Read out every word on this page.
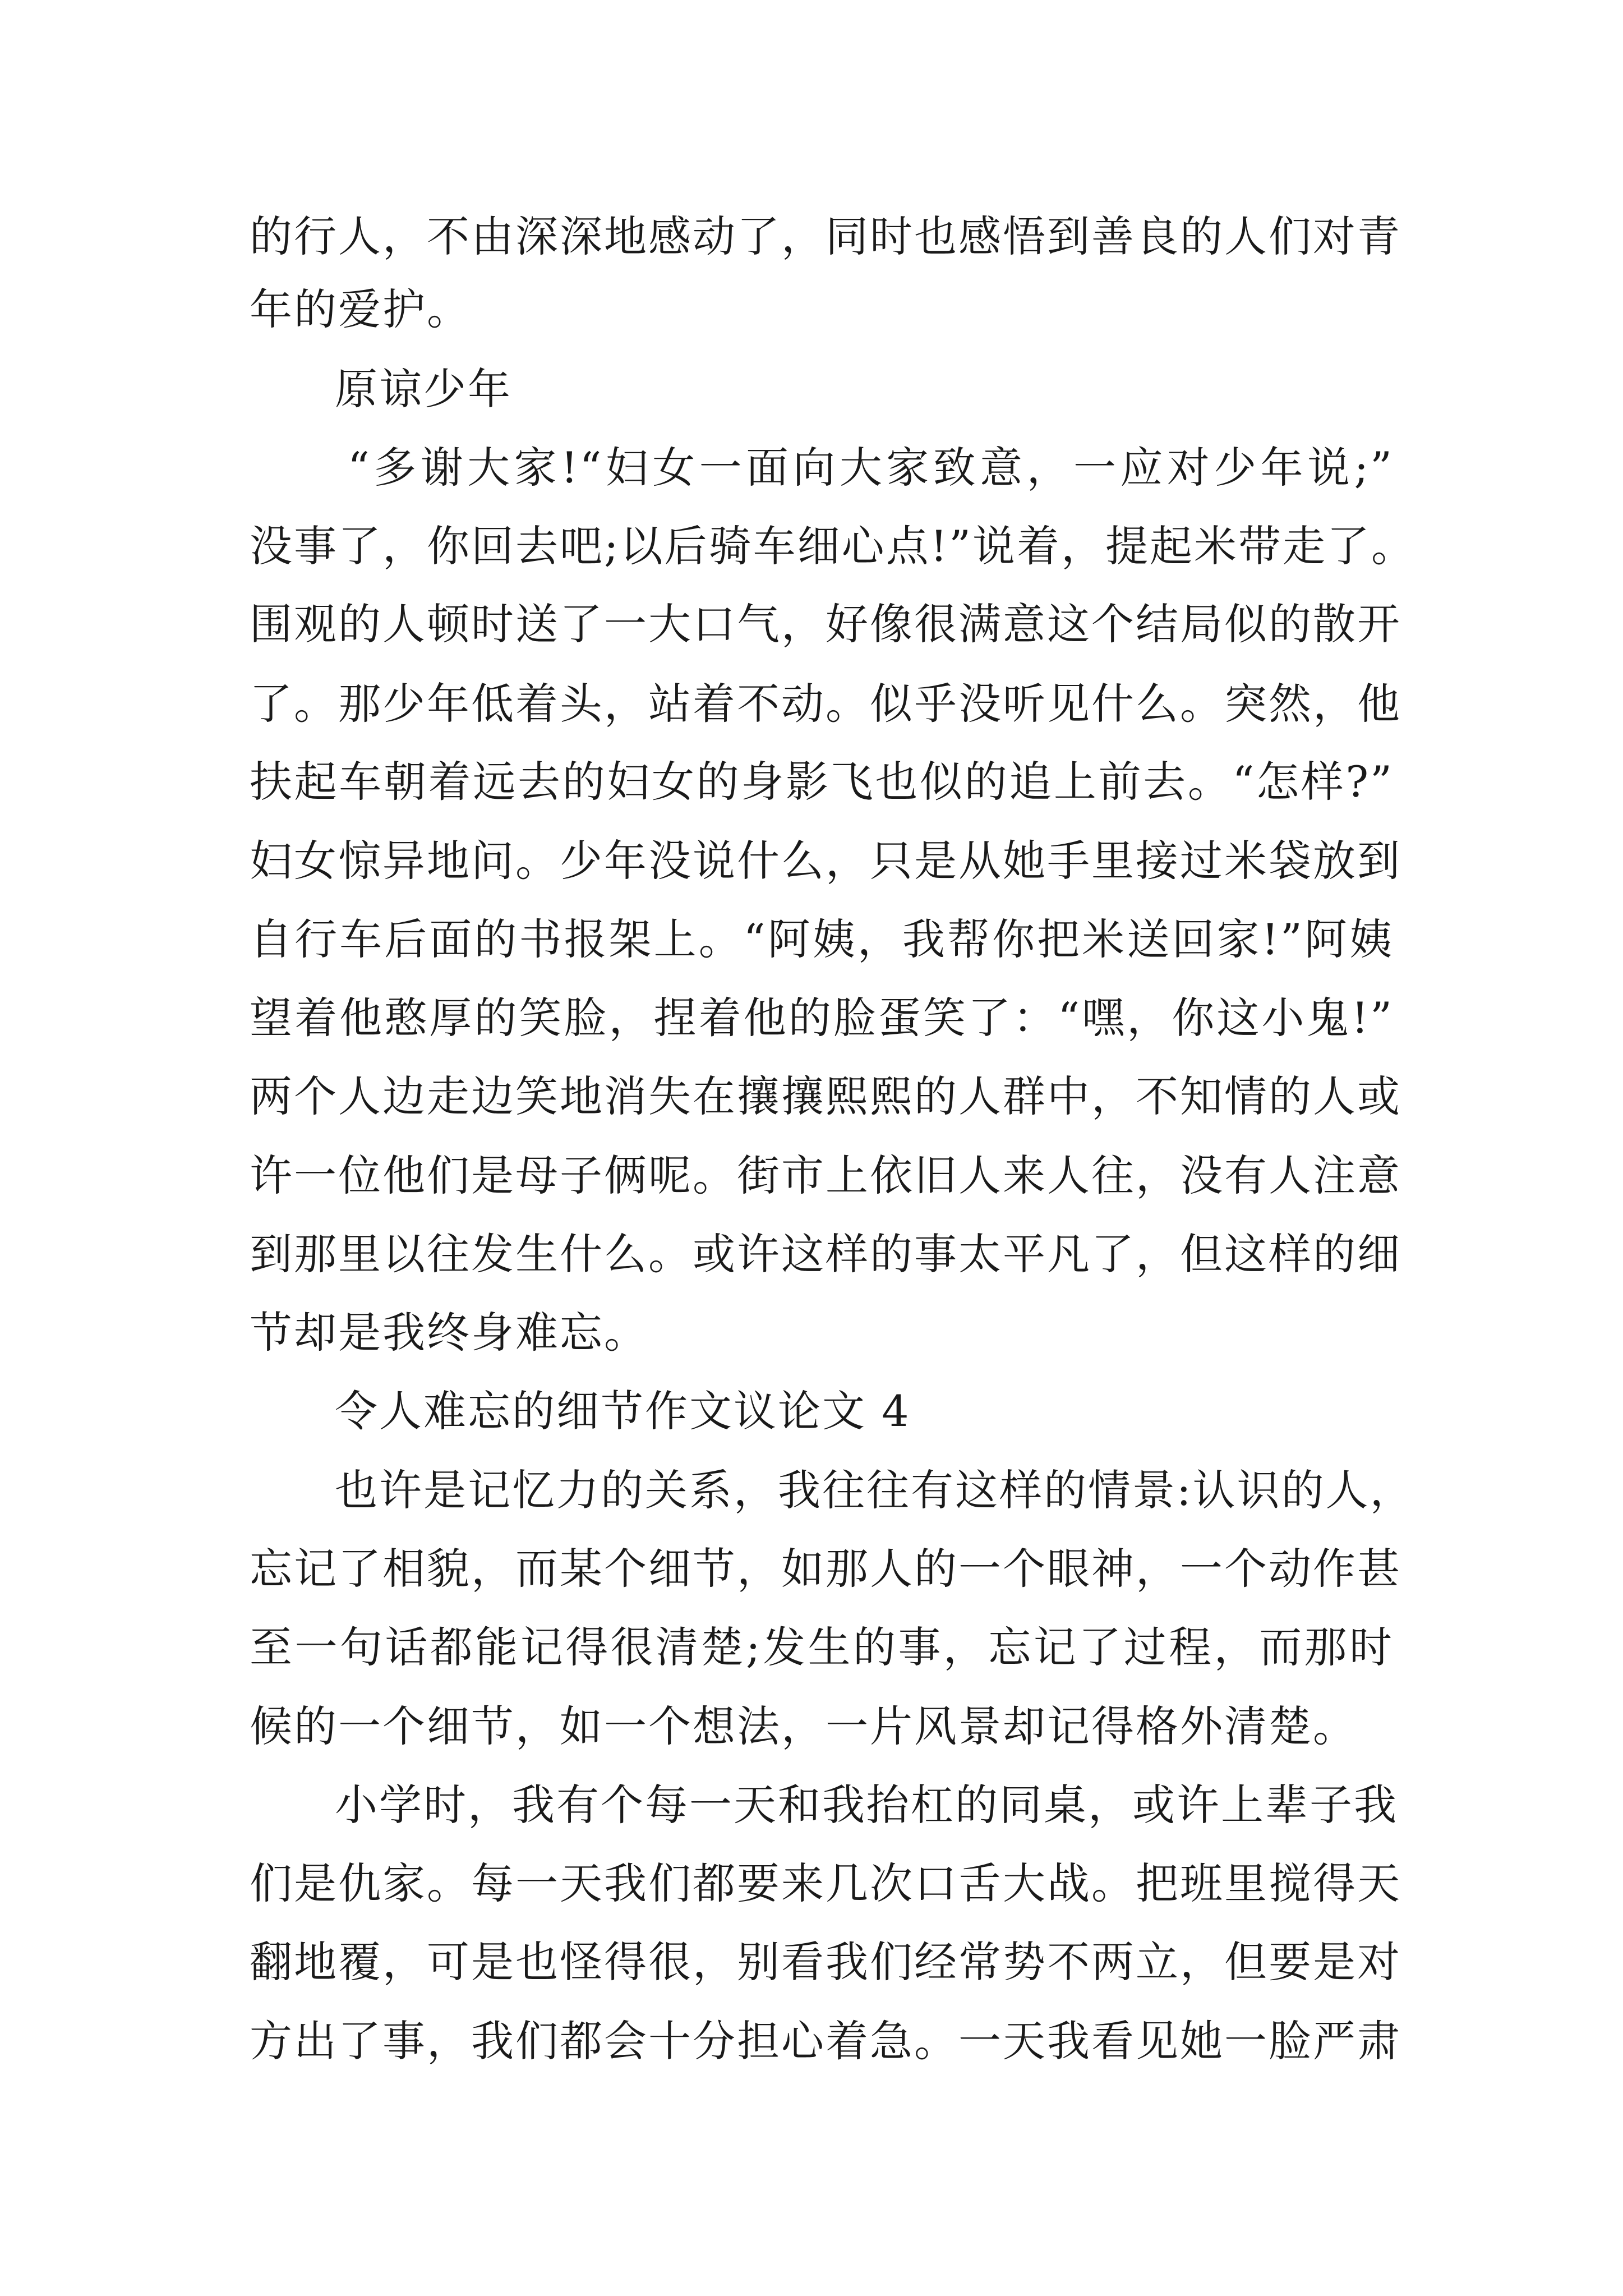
的行人，不由深深地感动了，同时也感悟到善良的人们对青
年的爱护。
原谅少年
“多谢大家!“妇女一面向大家致意，一应对少年说;”
没事了，你回去吧;以后骑车细心点!”说着，提起米带走了。
围观的人顿时送了一大口气，好像很满意这个结局似的散开
了。那少年低着头，站着不动。似乎没听见什么。突然，他
扶起车朝着远去的妇女的身影飞也似的追上前去。“怎样?”
妇女惊异地问。少年没说什么，只是从她手里接过米袋放到
自行车后面的书报架上。“阿姨，我帮你把米送回家!”阿姨
望着他憨厚的笑脸，捏着他的脸蛋笑了：“嘿，你这小鬼!”
两个人边走边笑地消失在攘攘熙熙的人群中，不知情的人或
许一位他们是母子俩呢。街市上依旧人来人往，没有人注意
到那里以往发生什么。或许这样的事太平凡了，但这样的细
节却是我终身难忘。
令人难忘的细节作文议论文 4
也许是记忆力的关系，我往往有这样的情景:认识的人，
忘记了相貌，而某个细节，如那人的一个眼神，一个动作甚
至一句话都能记得很清楚;发生的事，忘记了过程，而那时
候的一个细节，如一个想法，一片风景却记得格外清楚。
小学时，我有个每一天和我抬杠的同桌，或许上辈子我
们是仇家。每一天我们都要来几次口舌大战。把班里搅得天
翻地覆，可是也怪得很，别看我们经常势不两立，但要是对
方出了事，我们都会十分担心着急。一天我看见她一脸严肃
